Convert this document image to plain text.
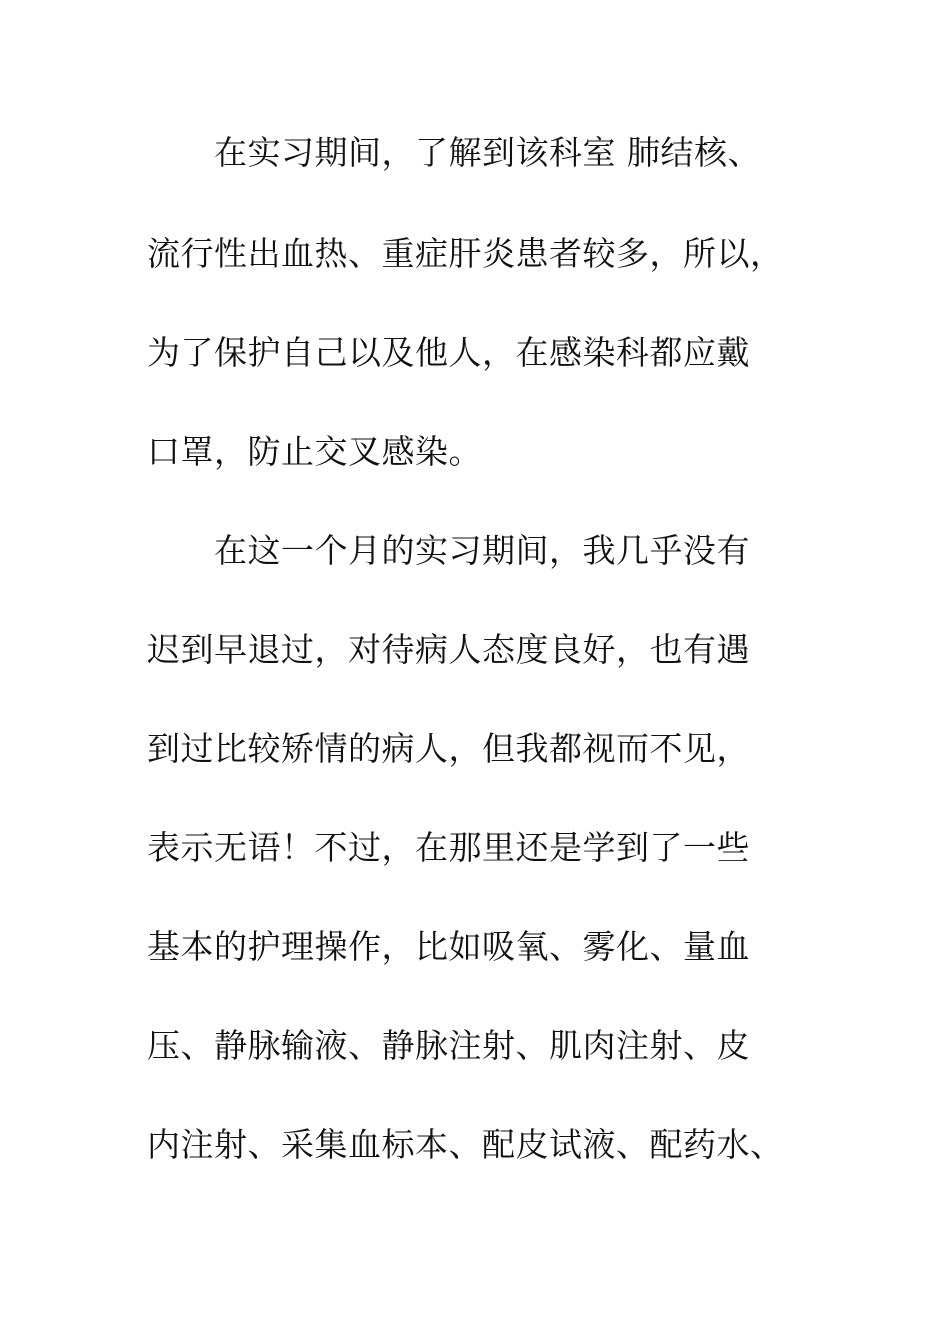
在实习期间，了解到该科室 肺结核、
流行性出血热、重症肝炎患者较多，所以，
为了保护自己以及他人，在感染科都应戴
口罩，防止交叉感染。
在这一个月的实习期间，我几乎没有
迟到早退过，对待病人态度良好，也有遇
到过比较矫情的病人，但我都视而不见，
表示无语！不过，在那里还是学到了一些
基本的护理操作，比如吸氧、雾化、量血
压、静脉输液、静脉注射、肌肉注射、皮
内注射、采集血标本、配皮试液、配药水、
